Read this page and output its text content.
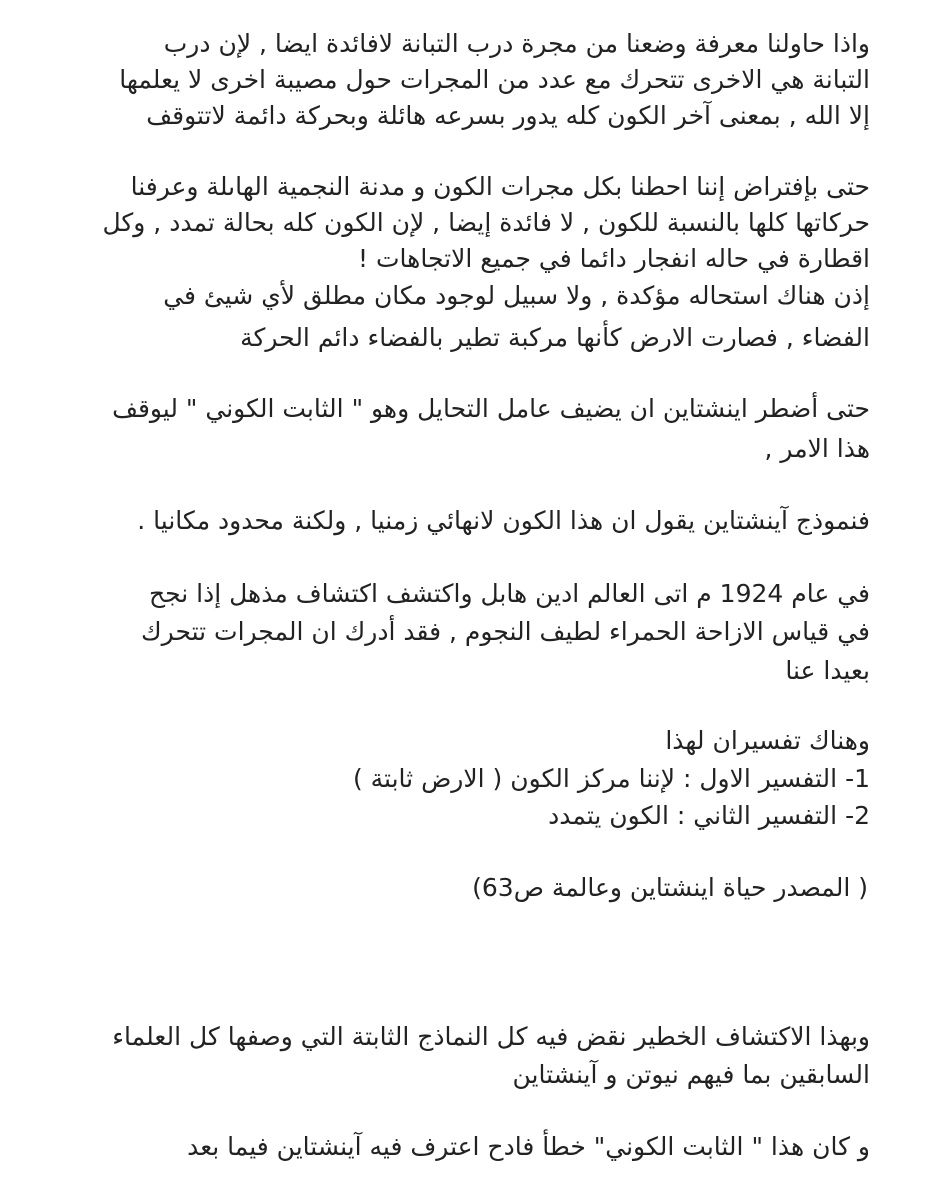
واذا حاولنا معرفة وضعنا من مجرة درب التبانة لافائدة ايضا , لإن درب
التبانة هي الاخرى تتحرك مع عدد من المجرات حول مصيبة اخرى لا يعلمها
إلا الله , بمعنى آخر الكون كله يدور بسرعه هائلة وبحركة دائمة لاتتوقف
حتى بإفتراض إننا احطنا بكل مجرات الكون و مدنة النجمية الهاىلة وعرفنا
حركاتها كلها بالنسبة للكون , لا فائدة إيضا , لإن الكون كله بحالة تمدد , وكل
اقطارة في حاله انفجار دائما في جميع الاتجاهات !
إذن هناك استحاله مؤكدة , ولا سبيل لوجود مكان مطلق لأي شيئ في
الفضاء , فصارت الارض كأنها مركبة تطير بالفضاء دائم الحركة
حتى أضطر اينشتاين ان يضيف عامل التحايل وهو " الثابت الكوني " ليوقف
هذا الامر ,
فنموذج آينشتاين يقول ان هذا الكون لانهائي زمنيا , ولكنة محدود مكانيا .
في عام 1924 م اتى العالم ادين هابل واكتشف اكتشاف مذهل إذا نجح
في قياس الازاحة الحمراء لطيف النجوم , فقد أدرك ان المجرات تتحرك
بعيدا عنا
وهناك تفسيران لهذا
1- التفسير الاول : لإننا مركز الكون ( الارض ثابتة )
2- التفسير الثاني : الكون يتمدد
( المصدر حياة اينشتاين وعالمة ص63)
وبهذا الاكتشاف الخطير نقض فيه كل النماذج الثابتة التي وصفها كل العلماء
السابقين بما فيهم نيوتن و آينشتاين
و كان هذا " الثابت الكوني" خطأ فادح اعترف فيه آينشتاين فيما بعد
